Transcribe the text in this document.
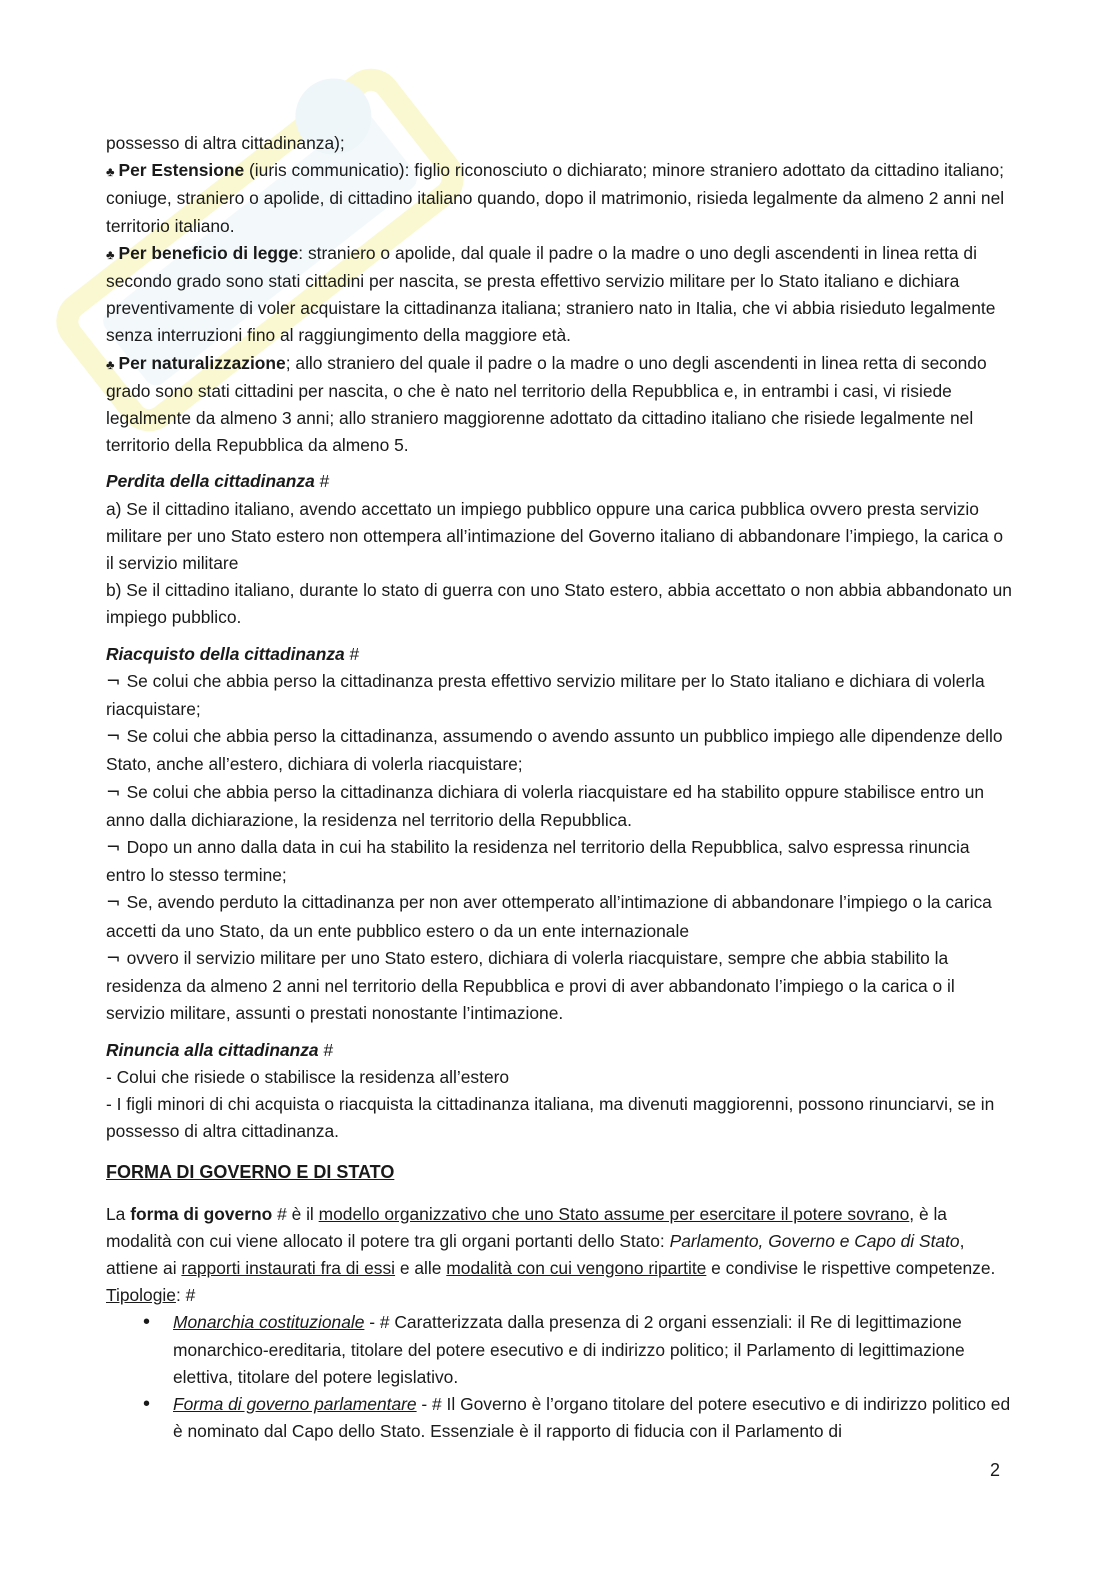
possesso di altra cittadinanza);

♣ Per Estensione (iuris communicatio): figlio riconosciuto o dichiarato; minore straniero adottato da cittadino italiano; coniuge, straniero o apolide, di cittadino italiano quando, dopo il matrimonio, risieda legalmente da almeno 2 anni nel territorio italiano.

♣ Per beneficio di legge: straniero o apolide, dal quale il padre o la madre o uno degli ascendenti in linea retta di secondo grado sono stati cittadini per nascita, se presta effettivo servizio militare per lo Stato italiano e dichiara preventivamente di voler acquistare la cittadinanza italiana; straniero nato in Italia, che vi abbia risieduto legalmente senza interruzioni fino al raggiungimento della maggiore età.

♣ Per naturalizzazione; allo straniero del quale il padre o la madre o uno degli ascendenti in linea retta di secondo grado sono stati cittadini per nascita, o che è nato nel territorio della Repubblica e, in entrambi i casi, vi risiede legalmente da almeno 3 anni; allo straniero maggiorenne adottato da cittadino italiano che risiede legalmente nel territorio della Repubblica da almeno 5.

Perdita della cittadinanza #

a) Se il cittadino italiano, avendo accettato un impiego pubblico oppure una carica pubblica ovvero presta servizio militare per uno Stato estero non ottempera all’intimazione del Governo italiano di abbandonare l’impiego, la carica o il servizio militare

b) Se il cittadino italiano, durante lo stato di guerra con uno Stato estero, abbia accettato o non abbia abbandonato un impiego pubblico.

Riacquisto della cittadinanza #

¬ Se colui che abbia perso la cittadinanza presta effettivo servizio militare per lo Stato italiano e dichiara di volerla riacquistare;

¬ Se colui che abbia perso la cittadinanza, assumendo o avendo assunto un pubblico impiego alle dipendenze dello Stato, anche all’estero, dichiara di volerla riacquistare;

¬ Se colui che abbia perso la cittadinanza dichiara di volerla riacquistare ed ha stabilito oppure stabilisce entro un anno dalla dichiarazione, la residenza nel territorio della Repubblica.

¬ Dopo un anno dalla data in cui ha stabilito la residenza nel territorio della Repubblica, salvo espressa rinuncia entro lo stesso termine;

¬ Se, avendo perduto la cittadinanza per non aver ottemperato all’intimazione di abbandonare l’impiego o la carica accetti da uno Stato, da un ente pubblico estero o da un ente internazionale

¬ ovvero il servizio militare per uno Stato estero, dichiara di volerla riacquistare, sempre che abbia stabilito la residenza da almeno 2 anni nel territorio della Repubblica e provi di aver abbandonato l’impiego o la carica o il servizio militare, assunti o prestati nonostante l’intimazione.

Rinuncia alla cittadinanza #

- Colui che risiede o stabilisce la residenza all’estero

- I figli minori di chi acquista o riacquista la cittadinanza italiana, ma divenuti maggiorenni, possono rinunciarvi, se in possesso di altra cittadinanza.

FORMA DI GOVERNO E DI STATO

La forma di governo # è il modello organizzativo che uno Stato assume per esercitare il potere sovrano, è la modalità con cui viene allocato il potere tra gli organi portanti dello Stato: Parlamento, Governo e Capo di Stato, attiene ai rapporti instaurati fra di essi e alle modalità con cui vengono ripartite e condivise le rispettive competenze. Tipologie: #

• Monarchia costituzionale - # Caratterizzata dalla presenza di 2 organi essenziali: il Re di legittimazione monarchico-ereditaria, titolare del potere esecutivo e di indirizzo politico; il Parlamento di legittimazione elettiva, titolare del potere legislativo.
• Forma di governo parlamentare - # Il Governo è l’organo titolare del potere esecutivo e di indirizzo politico ed è nominato dal Capo dello Stato. Essenziale è il rapporto di fiducia con il Parlamento di
2
